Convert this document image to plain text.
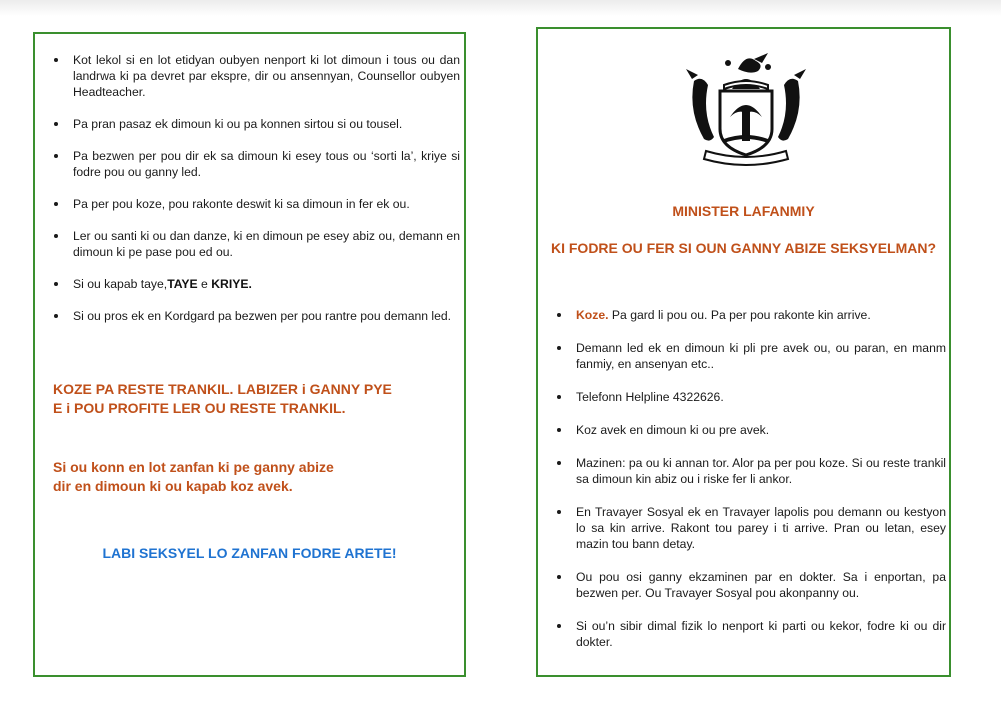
Kot lekol si en lot etidyan oubyen nenport ki lot dimoun i tous ou dan landrwa ki pa devret par ekspre, dir ou ansennyan, Counsellor oubyen Headteacher.
Pa pran pasaz ek dimoun ki ou pa konnen sirtou si ou tousel.
Pa bezwen per pou dir ek sa dimoun ki esey tous ou ‘sorti la’, kriye si fodre pou ou ganny led.
Pa per pou koze, pou rakonte deswit ki sa dimoun in fer ek ou.
Ler ou santi ki ou dan danze, ki en dimoun pe esey abiz ou, demann en dimoun ki pe pase pou ed ou.
Si ou kapab taye,TAYE e KRIYE.
Si ou pros ek en Kordgard pa bezwen per pou rantre pou demann led.
KOZE PA RESTE TRANKIL. LABIZER i GANNY PYE
E i POU PROFITE LER OU RESTE TRANKIL.
Si ou konn en lot zanfan ki pe ganny abize
dir en dimoun ki ou kapab koz avek.
LABI SEKSYEL LO ZANFAN FODRE ARETE!
MINISTER LAFANMIY
KI FODRE OU FER SI OUN GANNY ABIZE SEKSYELMAN?
Koze. Pa gard li pou ou. Pa per pou rakonte kin arrive.
Demann led ek en dimoun ki pli pre avek ou, ou paran, en manm fanmiy, en ansenyan etc..
Telefonn Helpline 4322626.
Koz avek en dimoun ki ou pre avek.
Mazinen: pa ou ki annan tor. Alor pa per pou koze. Si ou reste trankil sa dimoun kin abiz ou i riske fer li ankor.
En Travayer Sosyal ek en Travayer lapolis pou demann ou kestyon lo sa kin arrive. Rakont tou parey i ti arrive. Pran ou letan, esey mazin tou bann detay.
Ou pou osi ganny ekzaminen par en dokter. Sa i enportan, pa bezwen per. Ou Travayer Sosyal pou akonpanny ou.
Si ou’n sibir dimal fizik lo nenport ki parti ou kekor, fodre ki ou dir dokter.
